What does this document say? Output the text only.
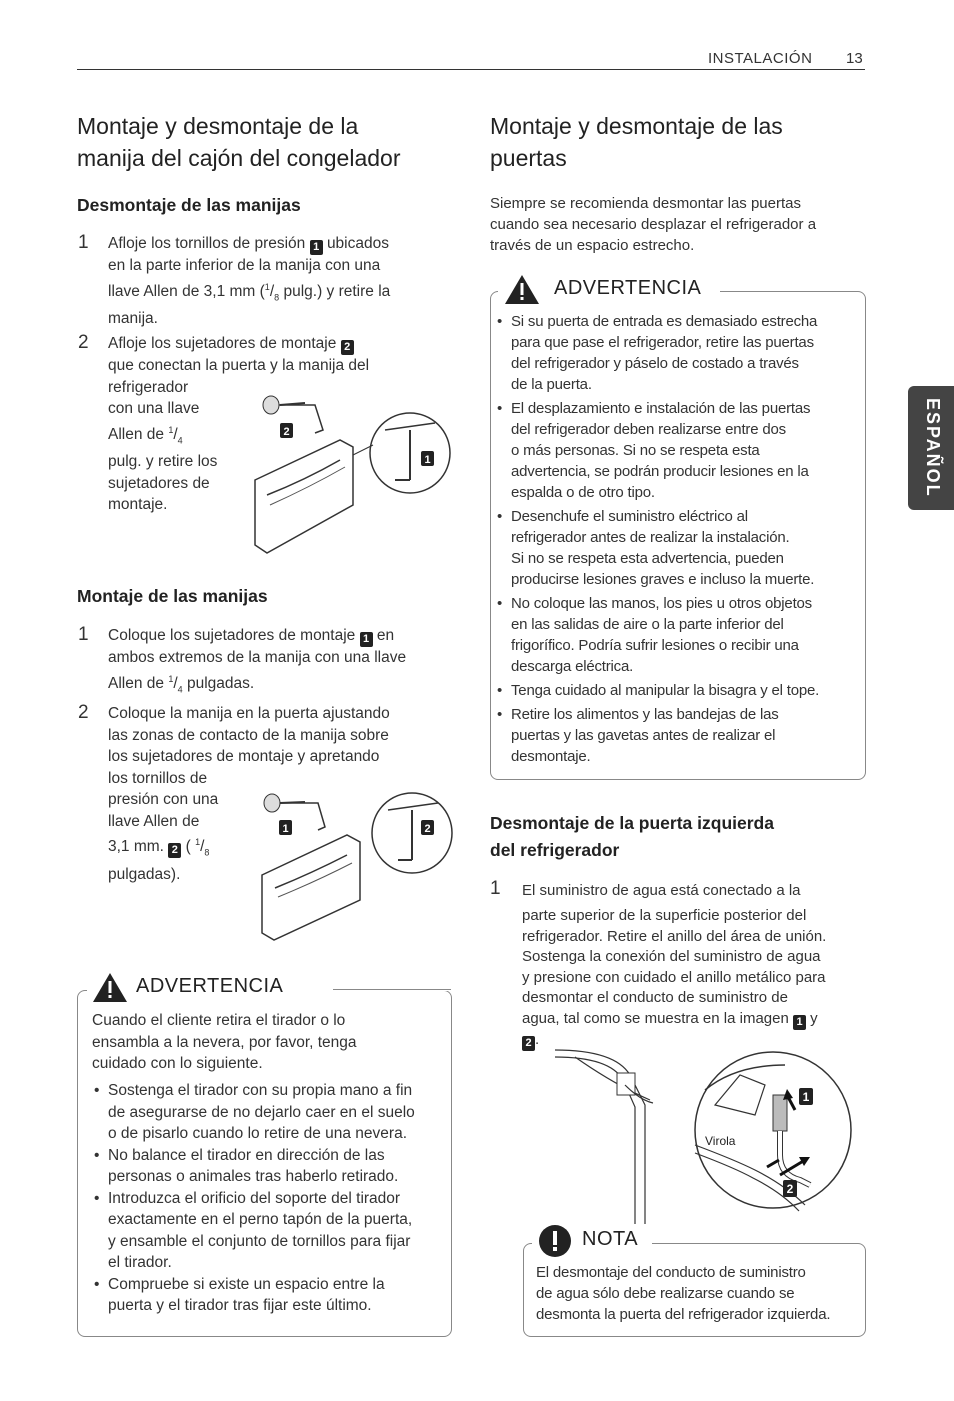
INSTALACIÓN 13
ESPAÑOL
Montaje y desmontaje de la
manija del cajón del congelador
Desmontaje de las manijas
1 Afloje los tornillos de presión 1 ubicados
en la parte inferior de la manija con una
llave Allen de 3,1 mm ($^1/_8$ pulg.) y retire la
manija.
2 Afloje los sujetadores de montaje 2
que conectan la puerta y la manija del
refrigerador
con una llave
Allen de $^1/_4$
pulg. y retire los
sujetadores de
montaje.
2
1
Montaje de las manijas
1 Coloque los sujetadores de montaje 1 en
ambos extremos de la manija con una llave
Allen de $^1/_4$ pulgadas.
2 Coloque la manija en la puerta ajustando
las zonas de contacto de la manija sobre
los sujetadores de montaje y apretando
los tornillos de
presión con una
llave Allen de
3,1 mm. 2 ( $^1/_8$
pulgadas).
1	2
ADVERTENCIA
Cuando el cliente retira el tirador o lo
ensambla a la nevera, por favor, tenga
cuidado con lo siguiente.
• Sostenga el tirador con su propia mano a fin
de asegurarse de no dejarlo caer en el suelo
o de pisarlo cuando lo retire de una nevera.
• No balance el tirador en dirección de las
personas o animales tras haberlo retirado.
• Introduzca el orificio del soporte del tirador
exactamente en el perno tapón de la puerta,
y ensamble el conjunto de tornillos para fijar
el tirador.
• Compruebe si existe un espacio entre la
puerta y el tirador tras fijar este último.
Montaje y desmontaje de las
puertas
Siempre se recomienda desmontar las puertas
cuando sea necesario desplazar el refrigerador a
través de un espacio estrecho.
ADVERTENCIA
• Si su puerta de entrada es demasiado estrecha
para que pase el refrigerador, retire las puertas
del refrigerador y páselo de costado a través
de la puerta.
• El desplazamiento e instalación de las puertas
del refrigerador deben realizarse entre dos
o más personas. Si no se respeta esta
advertencia, se podrán producir lesiones en la
espalda o de otro tipo.
• Desenchufe el suministro eléctrico al
refrigerador antes de realizar la instalación.
Si no se respeta esta advertencia, pueden
producirse lesiones graves e incluso la muerte.
• No coloque las manos, los pies u otros objetos
en las salidas de aire o la parte inferior del
frigorífico. Podría sufrir lesiones o recibir una
descarga eléctrica.
• Tenga cuidado al manipular la bisagra y el tope.
• Retire los alimentos y las bandejas de las
puertas y las gavetas antes de realizar el
desmontaje.
Desmontaje de la puerta izquierda
del refrigerador
1 El suministro de agua está conectado a la
parte superior de la superficie posterior del
refrigerador. Retire el anillo del área de unión.
Sostenga la conexión del suministro de agua
y presione con cuidado el anillo metálico para
desmontar el conducto de suministro de
agua, tal como se muestra en la imagen 1 y
2 .
1
2
Virola
NOTA
El desmontaje del conducto de suministro
de agua sólo debe realizarse cuando se
desmonta la puerta del refrigerador izquierda.
